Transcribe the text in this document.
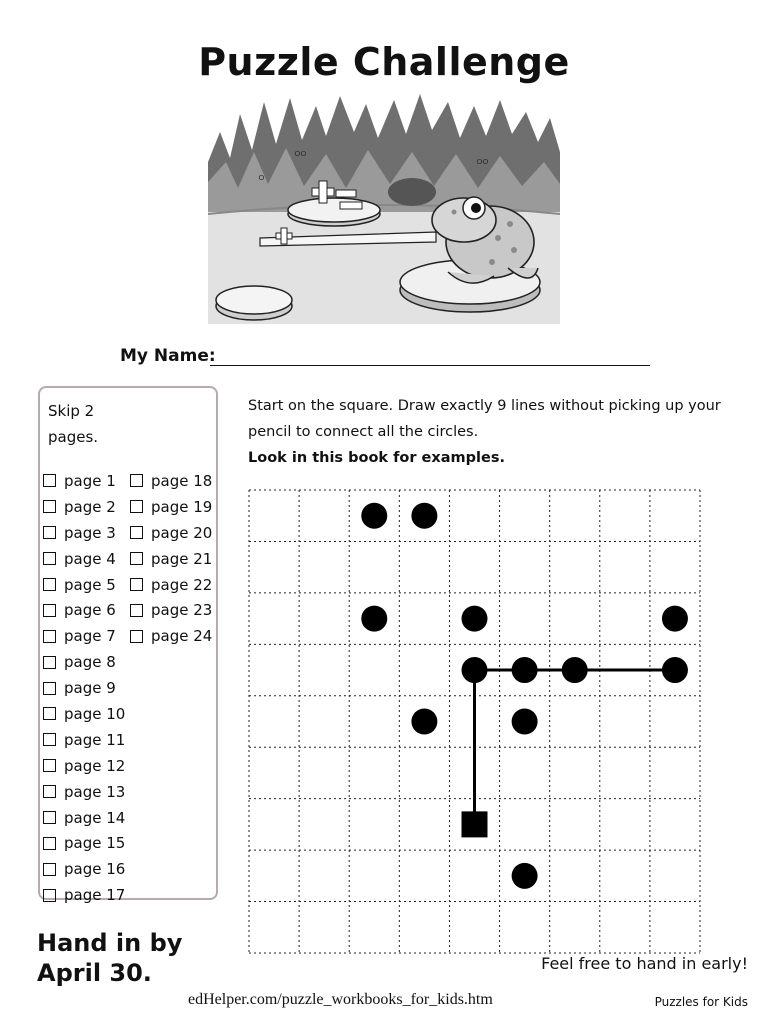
Puzzle Challenge
ഠഠ
ഠ
ഠഠ
My Name:
Skip 2
pages.
page 1
page 2
page 3
page 4
page 5
page 6
page 7
page 8
page 9
page 10
page 11
page 12
page 13
page 14
page 15
page 16
page 17
page 18
page 19
page 20
page 21
page 22
page 23
page 24
Start on the square. Draw exactly 9 lines without picking up your
pencil to connect all the circles.
Look in this book for examples.
Hand in by
April 30.	Feel free to hand in early!
edHelper.com/puzzle_workbooks_for_kids.htm	Puzzles for Kids
